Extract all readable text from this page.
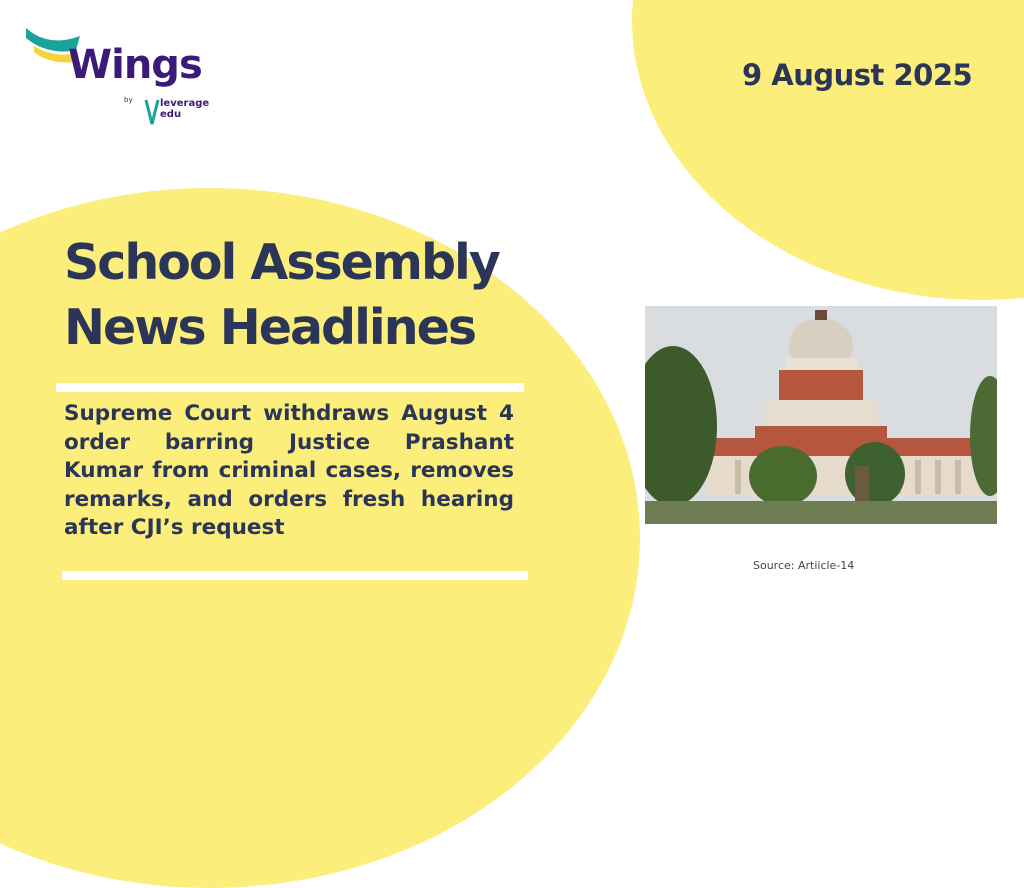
Wings
by	leverage
edu
9 August 2025
School Assembly
News Headlines
Supreme Court withdraws August 4 order barring Justice Prashant Kumar from criminal cases, removes remarks, and orders fresh hearing after CJI’s request
Source: Artiicle-14
